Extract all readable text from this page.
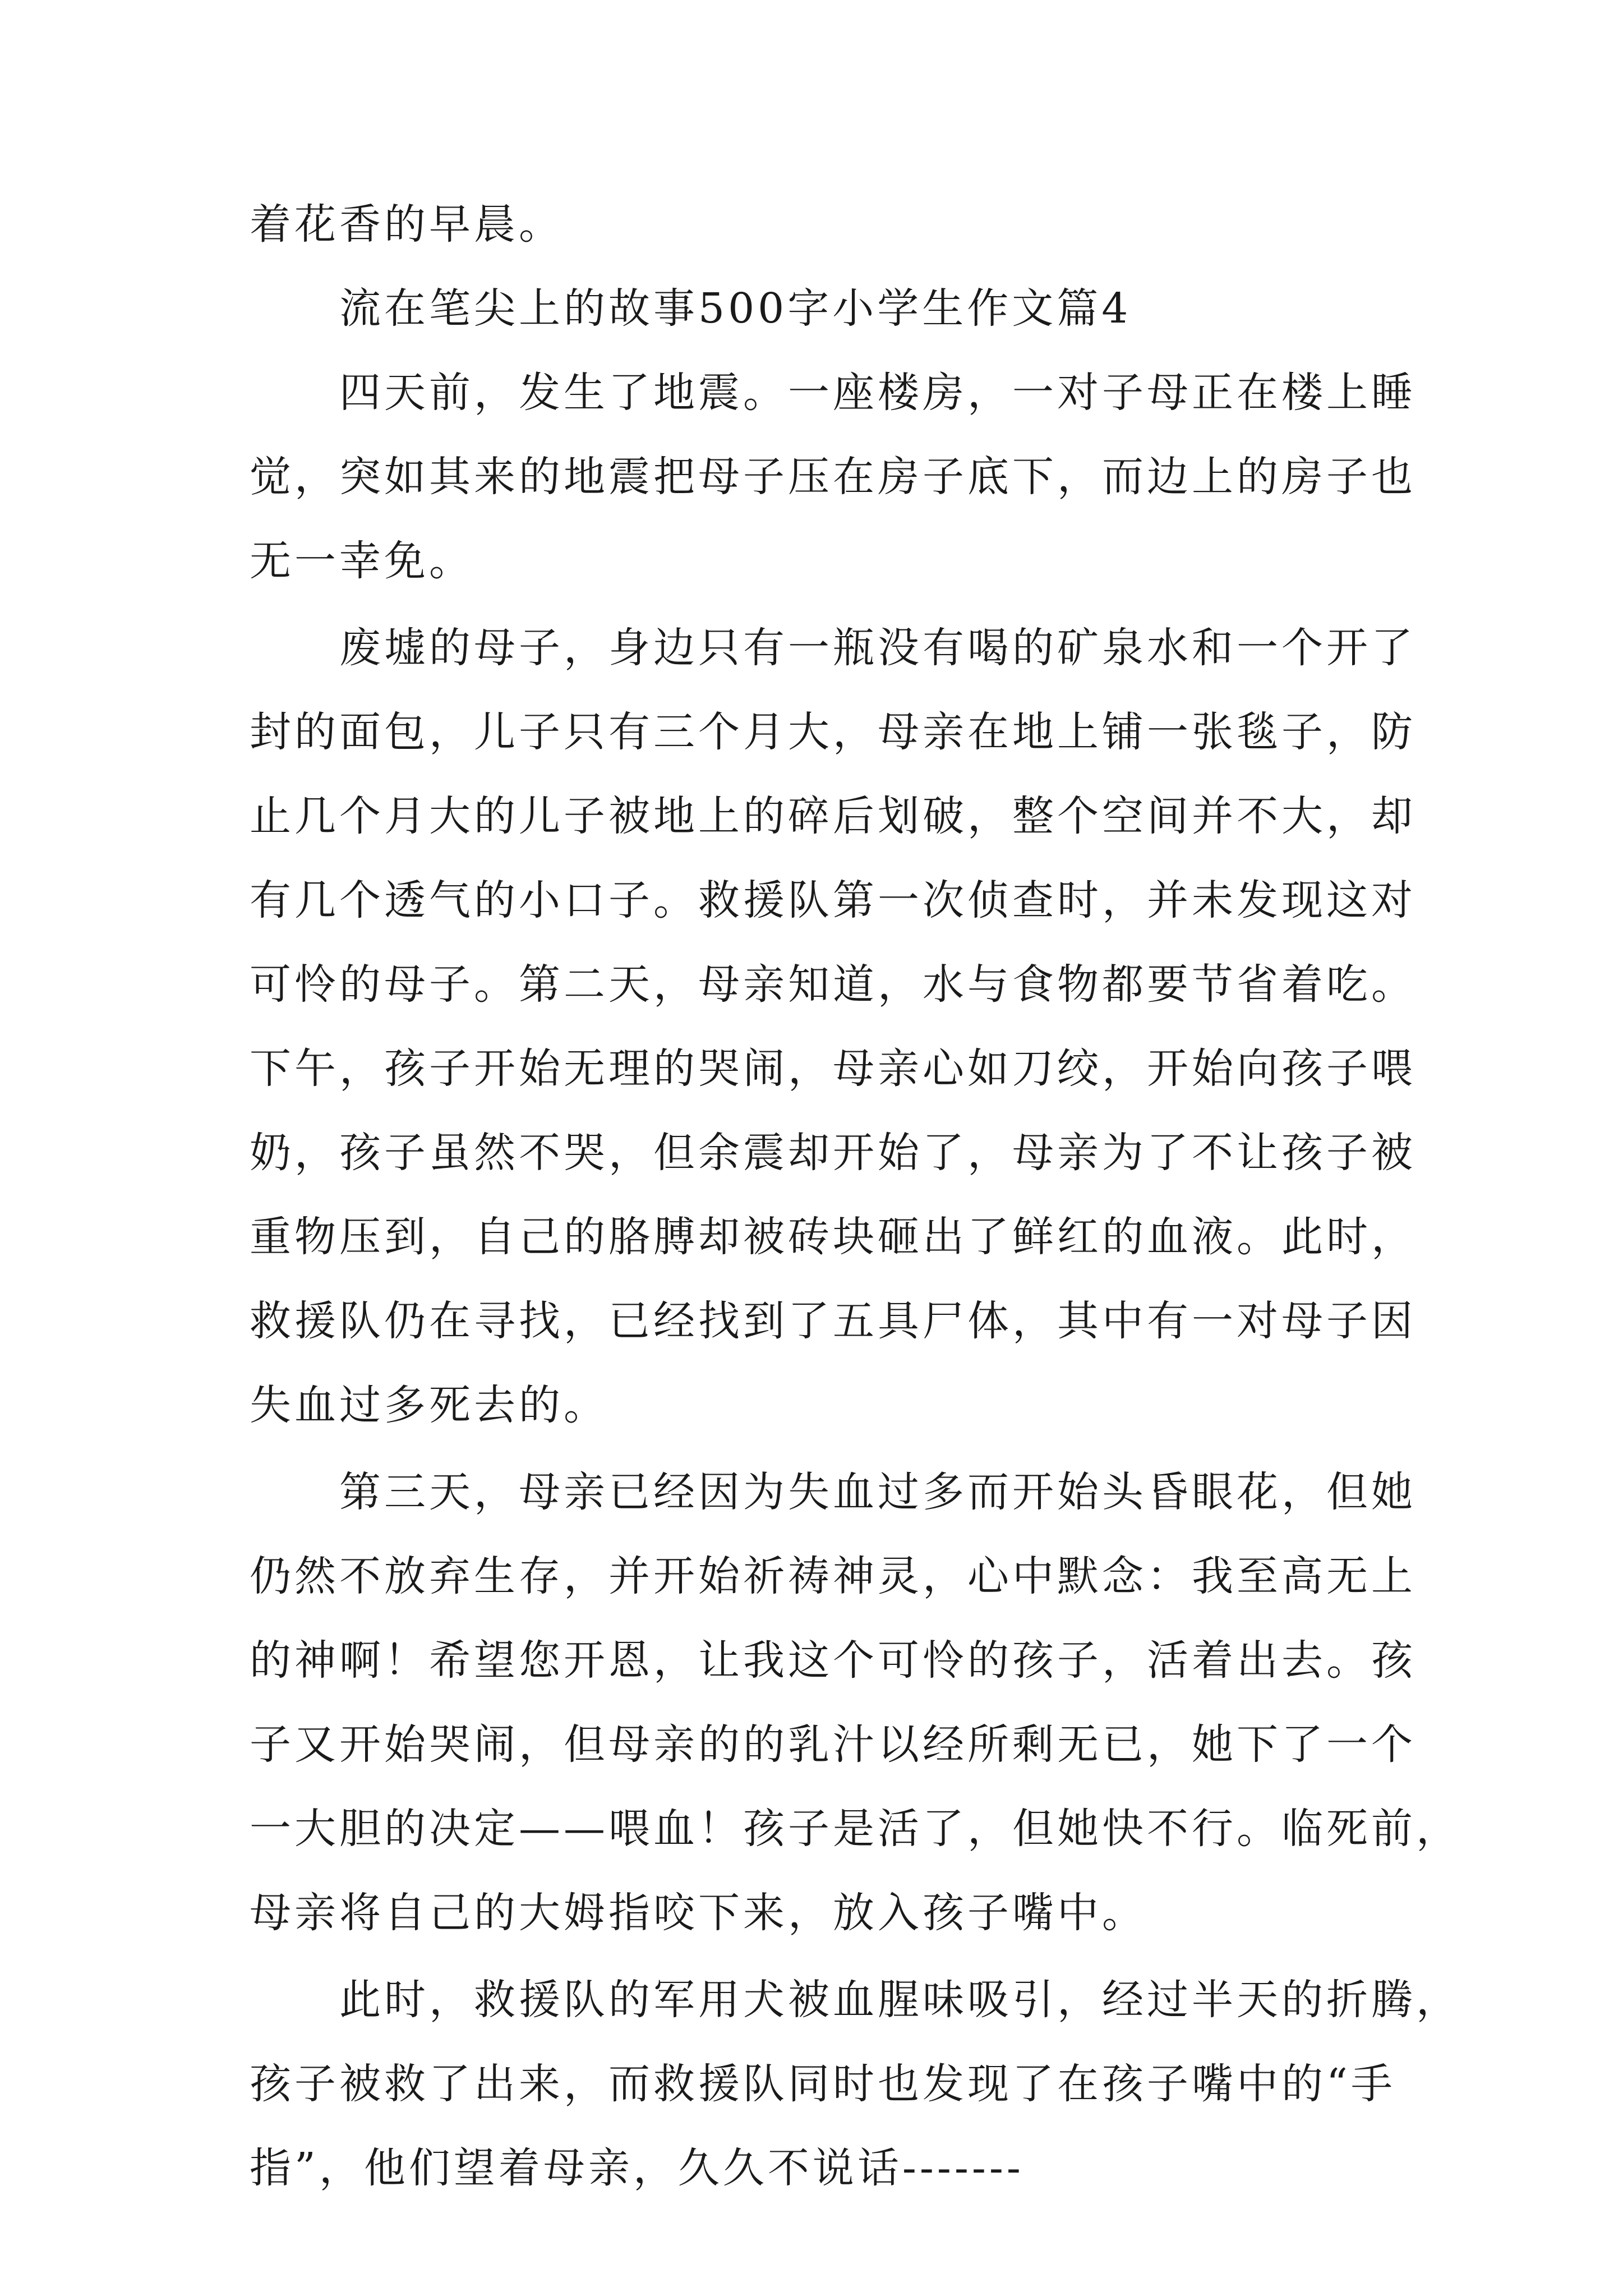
着花香的早晨。
流在笔尖上的故事500字小学生作文篇4
四天前，发生了地震。一座楼房，一对子母正在楼上睡
觉，突如其来的地震把母子压在房子底下，而边上的房子也
无一幸免。
废墟的母子，身边只有一瓶没有喝的矿泉水和一个开了
封的面包，儿子只有三个月大，母亲在地上铺一张毯子，防
止几个月大的儿子被地上的碎后划破，整个空间并不大，却
有几个透气的小口子。救援队第一次侦查时，并未发现这对
可怜的母子。第二天，母亲知道，水与食物都要节省着吃。
下午，孩子开始无理的哭闹，母亲心如刀绞，开始向孩子喂
奶，孩子虽然不哭，但余震却开始了，母亲为了不让孩子被
重物压到，自己的胳膊却被砖块砸出了鲜红的血液。此时，
救援队仍在寻找，已经找到了五具尸体，其中有一对母子因
失血过多死去的。
第三天，母亲已经因为失血过多而开始头昏眼花，但她
仍然不放弃生存，并开始祈祷神灵，心中默念：我至高无上
的神啊！希望您开恩，让我这个可怜的孩子，活着出去。孩
子又开始哭闹，但母亲的的乳汁以经所剩无已，她下了一个
一大胆的决定——喂血！孩子是活了，但她快不行。临死前，
母亲将自己的大姆指咬下来，放入孩子嘴中。
此时，救援队的军用犬被血腥味吸引，经过半天的折腾，
孩子被救了出来，而救援队同时也发现了在孩子嘴中的“手
指”，他们望着母亲，久久不说话-------
